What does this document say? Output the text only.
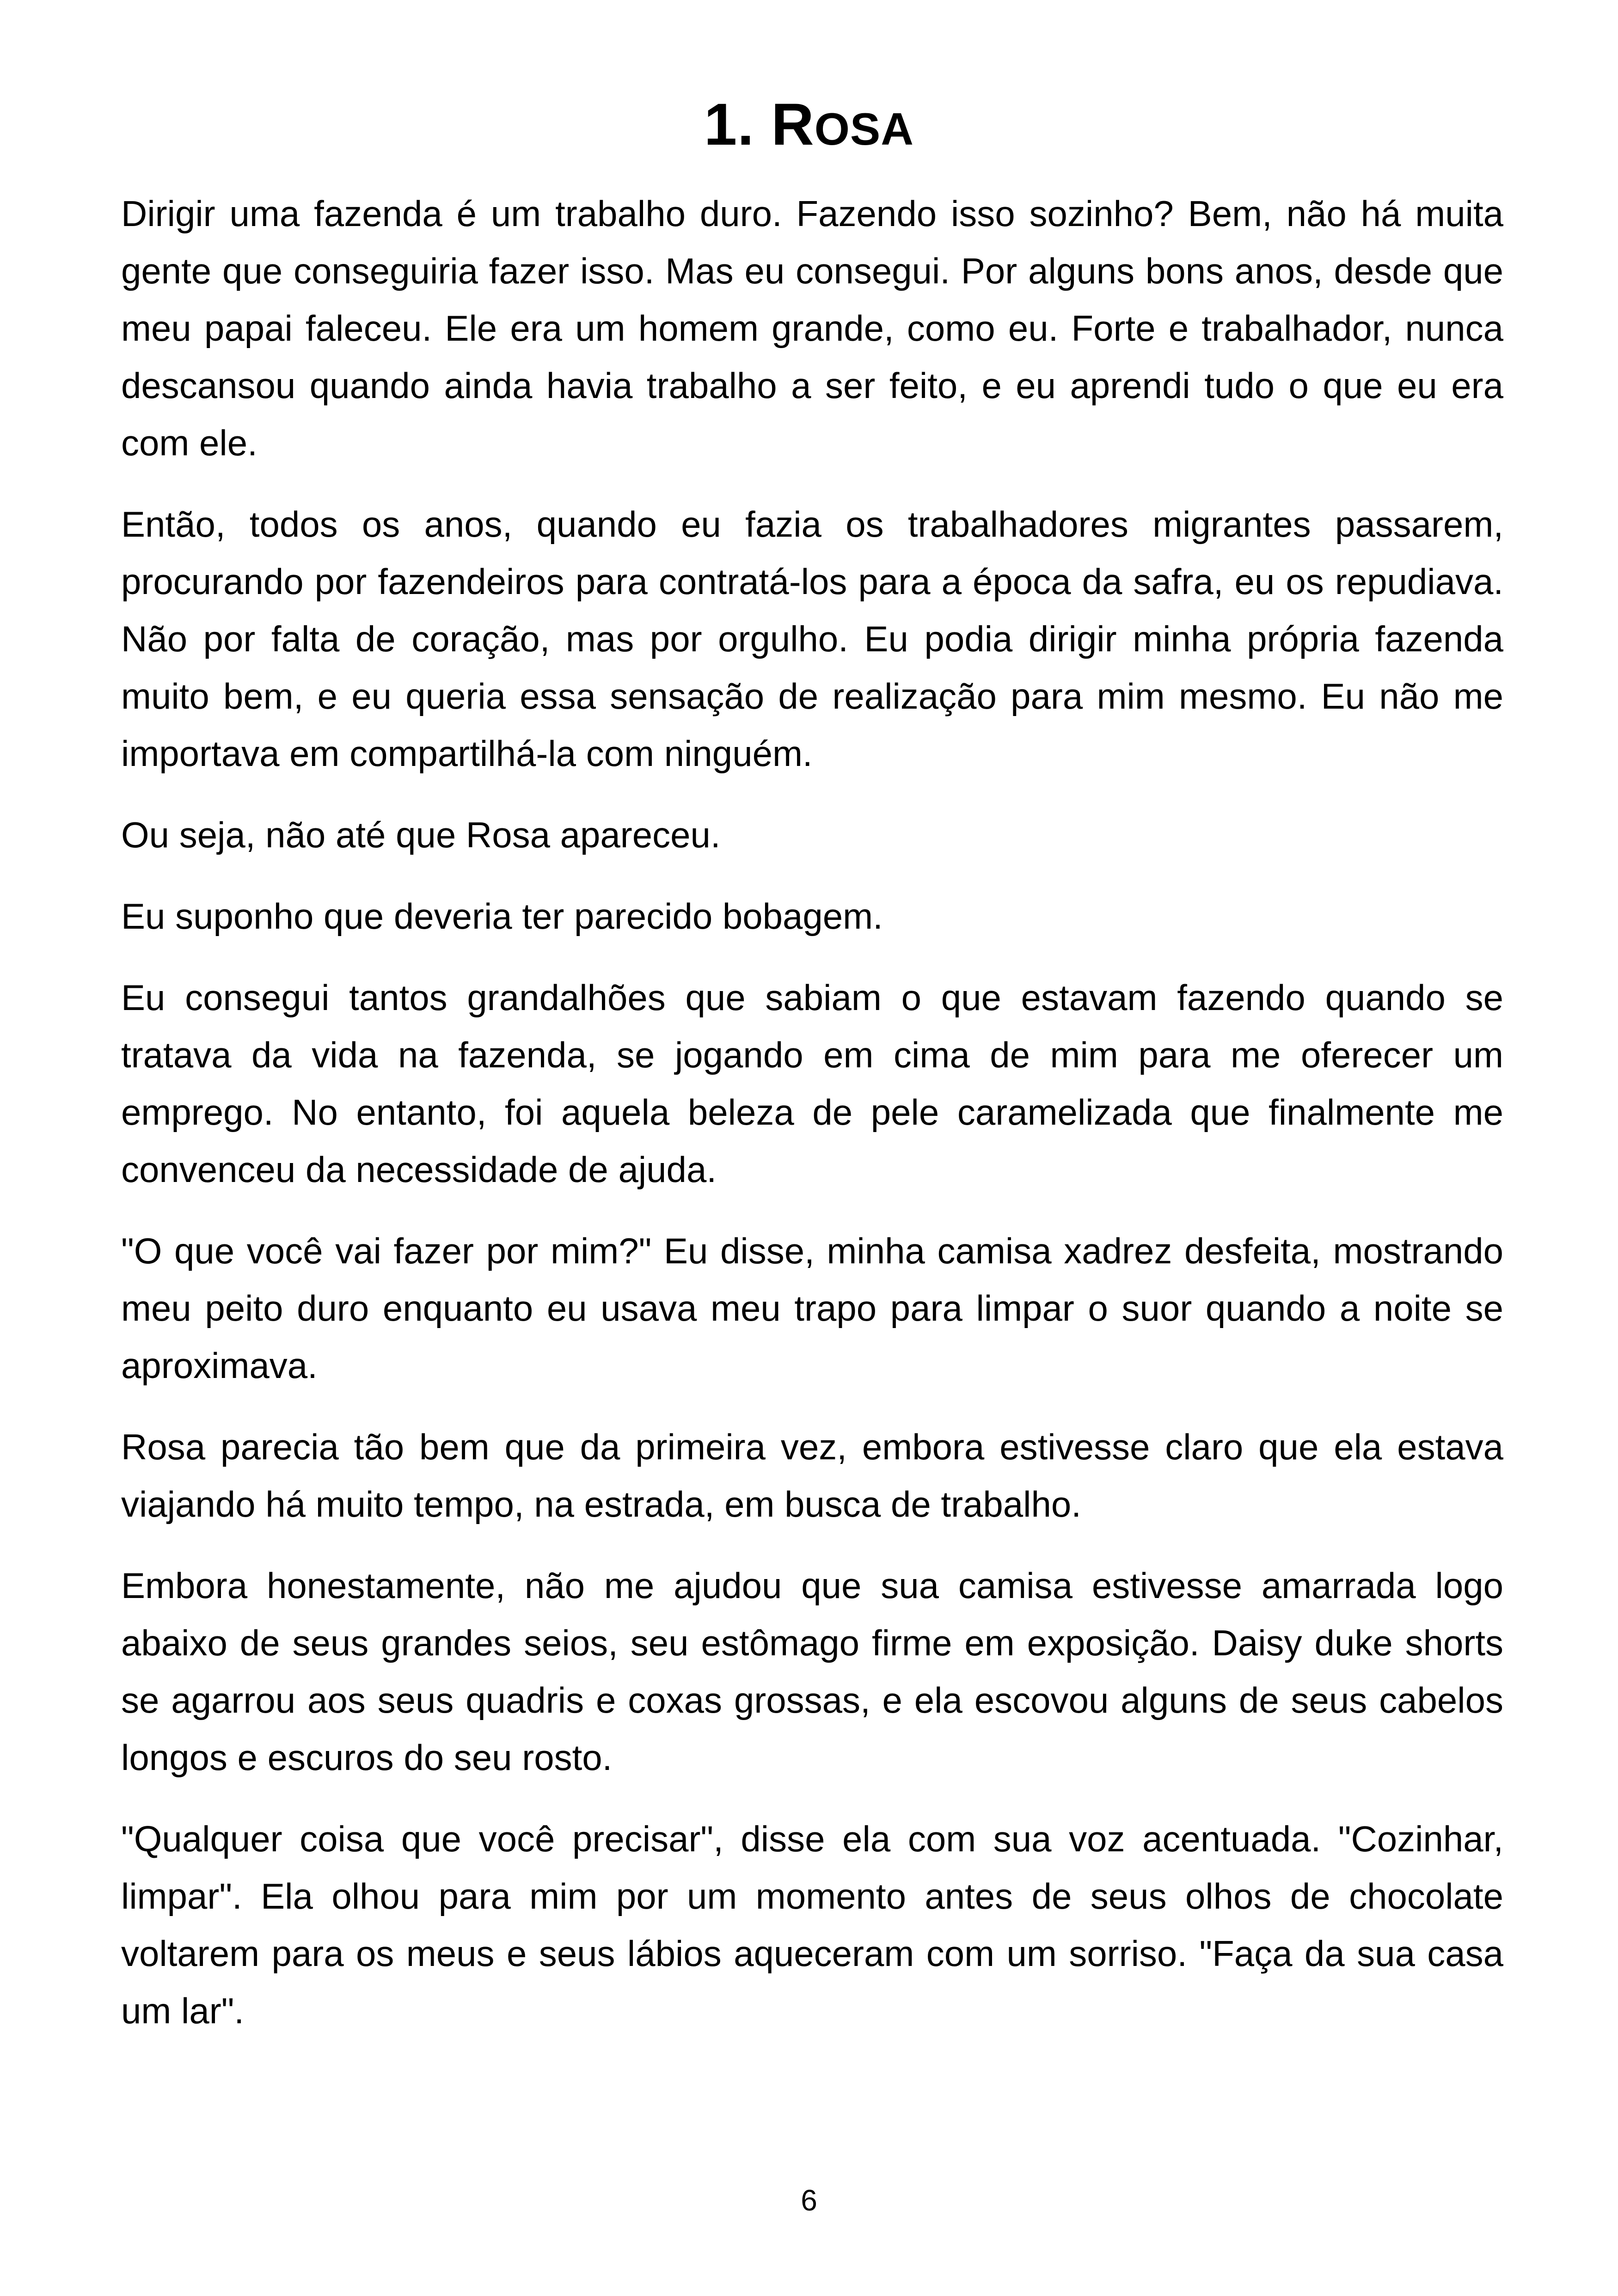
1. ROSA

Dirigir uma fazenda é um trabalho duro. Fazendo isso sozinho? Bem, não há muita gente que conseguiria fazer isso. Mas eu consegui. Por alguns bons anos, desde que meu papai faleceu. Ele era um homem grande, como eu. Forte e trabalhador, nunca descansou quando ainda havia trabalho a ser feito, e eu aprendi tudo o que eu era com ele.

Então, todos os anos, quando eu fazia os trabalhadores migrantes passarem, procurando por fazendeiros para contratá-los para a época da safra, eu os repudiava. Não por falta de coração, mas por orgulho. Eu podia dirigir minha própria fazenda muito bem, e eu queria essa sensação de realização para mim mesmo. Eu não me importava em compartilhá-la com ninguém.

Ou seja, não até que Rosa apareceu.

Eu suponho que deveria ter parecido bobagem.

Eu consegui tantos grandalhões que sabiam o que estavam fazendo quando se tratava da vida na fazenda, se jogando em cima de mim para me oferecer um emprego. No entanto, foi aquela beleza de pele caramelizada que finalmente me convenceu da necessidade de ajuda.

"O que você vai fazer por mim?" Eu disse, minha camisa xadrez desfeita, mostrando meu peito duro enquanto eu usava meu trapo para limpar o suor quando a noite se aproximava.

Rosa parecia tão bem que da primeira vez, embora estivesse claro que ela estava viajando há muito tempo, na estrada, em busca de trabalho.

Embora honestamente, não me ajudou que sua camisa estivesse amarrada logo abaixo de seus grandes seios, seu estômago firme em exposição. Daisy duke shorts se agarrou aos seus quadris e coxas grossas, e ela escovou alguns de seus cabelos longos e escuros do seu rosto.

"Qualquer coisa que você precisar", disse ela com sua voz acentuada. "Cozinhar, limpar". Ela olhou para mim por um momento antes de seus olhos de chocolate voltarem para os meus e seus lábios aqueceram com um sorriso. "Faça da sua casa um lar".

6
